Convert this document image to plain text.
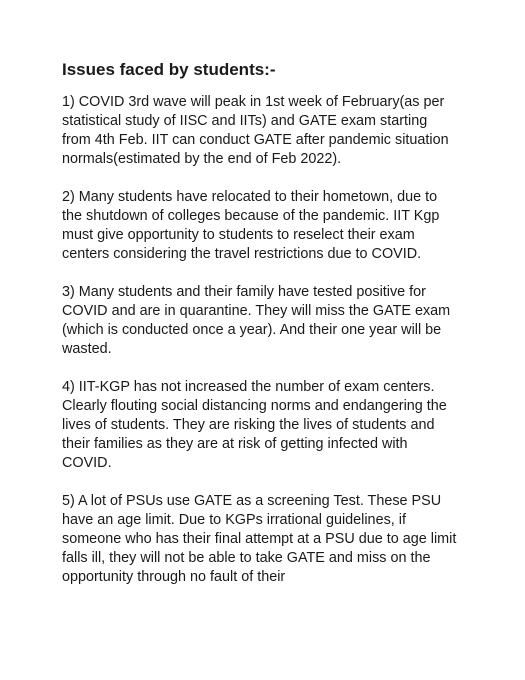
Issues faced by students:-
1) COVID 3rd wave will peak in 1st week of February(as per
statistical study of IISC and IITs) and GATE exam starting
from 4th Feb. IIT can conduct GATE after pandemic situation
normals(estimated by the end of Feb 2022).
2) Many students have relocated to their hometown, due to
the shutdown of colleges because of the pandemic. IIT Kgp
must give opportunity to students to reselect their exam
centers considering the travel restrictions due to COVID.
3) Many students and their family have tested positive for
COVID and are in quarantine. They will miss the GATE exam
(which is conducted once a year). And their one year will be
wasted.
4) IIT-KGP has not increased the number of exam centers.
Clearly flouting social distancing norms and endangering the
lives of students. They are risking the lives of students and
their families as they are at risk of getting infected with
COVID.
5) A lot of PSUs use GATE as a screening Test. These PSU
have an age limit. Due to KGPs irrational guidelines, if
someone who has their final attempt at a PSU due to age limit
falls ill, they will not be able to take GATE and miss on the
opportunity through no fault of their
